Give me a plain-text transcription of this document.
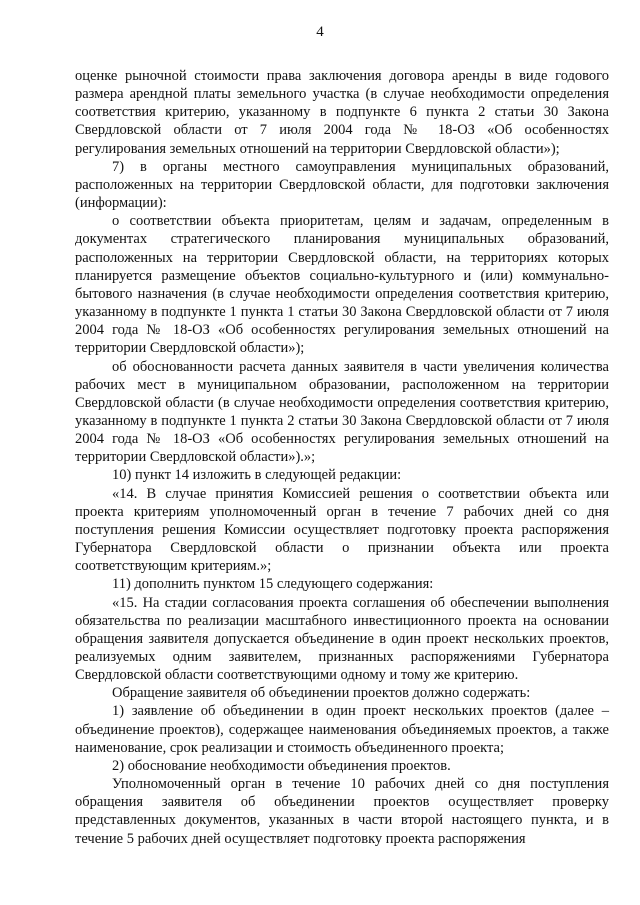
4

оценке рыночной стоимости права заключения договора аренды в виде годового размера арендной платы земельного участка (в случае необходимости определения соответствия критерию, указанному в подпункте 6 пункта 2 статьи 30 Закона Свердловской области от 7 июля 2004 года № 18-ОЗ «Об особенностях регулирования земельных отношений на территории Свердловской области»);

7) в органы местного самоуправления муниципальных образований, расположенных на территории Свердловской области, для подготовки заключения (информации):

о соответствии объекта приоритетам, целям и задачам, определенным в документах стратегического планирования муниципальных образований, расположенных на территории Свердловской области, на территориях которых планируется размещение объектов социально-культурного и (или) коммунально-бытового назначения (в случае необходимости определения соответствия критерию, указанному в подпункте 1 пункта 1 статьи 30 Закона Свердловской области от 7 июля 2004 года № 18-ОЗ «Об особенностях регулирования земельных отношений на территории Свердловской области»);

об обоснованности расчета данных заявителя в части увеличения количества рабочих мест в муниципальном образовании, расположенном на территории Свердловской области (в случае необходимости определения соответствия критерию, указанному в подпункте 1 пункта 2 статьи 30 Закона Свердловской области от 7 июля 2004 года № 18-ОЗ «Об особенностях регулирования земельных отношений на территории Свердловской области»).»;

10) пункт 14 изложить в следующей редакции:

«14. В случае принятия Комиссией решения о соответствии объекта или проекта критериям уполномоченный орган в течение 7 рабочих дней со дня поступления решения Комиссии осуществляет подготовку проекта распоряжения Губернатора Свердловской области о признании объекта или проекта соответствующим критериям.»;

11) дополнить пунктом 15 следующего содержания:

«15. На стадии согласования проекта соглашения об обеспечении выполнения обязательства по реализации масштабного инвестиционного проекта на основании обращения заявителя допускается объединение в один проект нескольких проектов, реализуемых одним заявителем, признанных распоряжениями Губернатора Свердловской области соответствующими одному и тому же критерию.

Обращение заявителя об объединении проектов должно содержать:

1) заявление об объединении в один проект нескольких проектов (далее – объединение проектов), содержащее наименования объединяемых проектов, а также наименование, срок реализации и стоимость объединенного проекта;

2) обоснование необходимости объединения проектов.

Уполномоченный орган в течение 10 рабочих дней со дня поступления обращения заявителя об объединении проектов осуществляет проверку представленных документов, указанных в части второй настоящего пункта, и в течение 5 рабочих дней осуществляет подготовку проекта распоряжения
